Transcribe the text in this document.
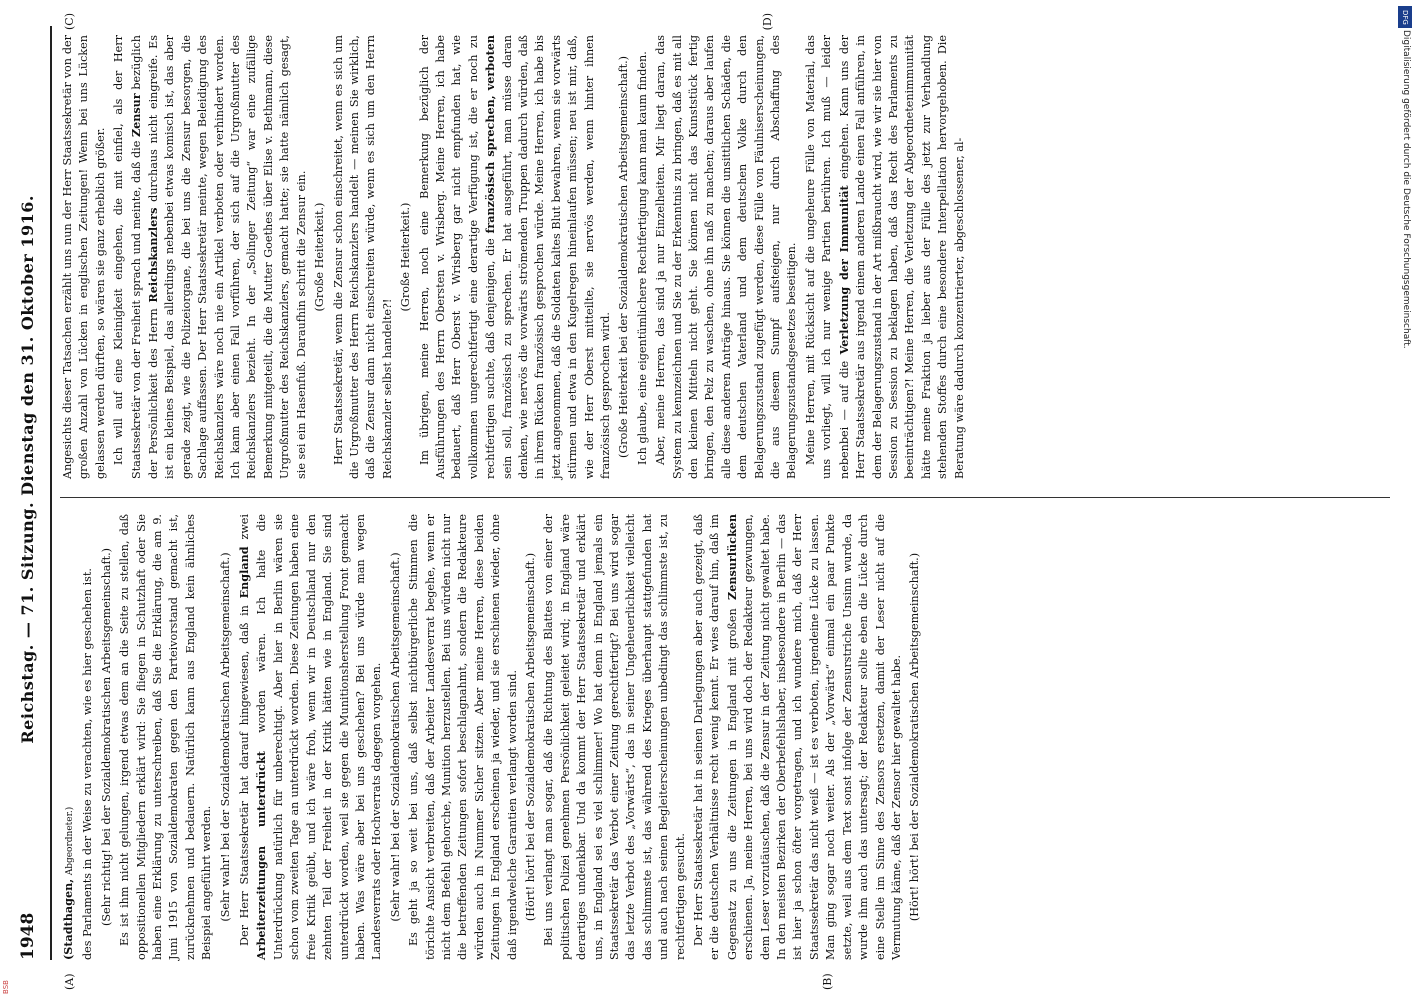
1948
Reichstag. — 71. Sitzung. Dienstag den 31. Oktober 1916.
(A)	(B)

(Stadthagen, Abgeordneter.) des Parlaments in der Weise zu verachten, wie es hier geschehen ist. (Sehr richtig! bei der Sozialdemokratischen Arbeitsgemeinschaft.) Es ist ihm nicht gelungen, irgend etwas dem an die Seite zu stellen, daß oppositionellen Mitgliedern erklärt wird: Sie fliegen in Schutzhaft oder Sie haben eine Erklärung zu unterschreiben, daß Sie die Erklärung, die am 9. Juni 1915 von Sozialdemokraten gegen den Parteivorstand gemacht ist, zurücknehmen und bedauern. Natürlich kann aus England kein ähnliches Beispiel angeführt werden. (Sehr wahr! bei der Sozialdemokratischen Arbeitsgemeinschaft.) Der Herr Staatssekretär hat darauf hingewiesen, daß in England zwei Arbeiterzeitungen unterdrückt worden wären. Ich halte die Unterdrückung natürlich für unberechtigt. Aber hier in Berlin wären sie schon vom zweiten Tage an unterdrückt worden. Diese Zeitungen haben eine freie Kritik geübt, und ich wäre froh, wenn wir in Deutschland nur den zehnten Teil der Freiheit in der Kritik hätten wie in England. Sie sind unterdrückt worden, weil sie gegen die Munitionsherstellung Front gemacht haben. Was wäre aber bei uns geschehen? Bei uns würde man wegen Landesverrats oder Hochverrats dagegen vorgehen. (Sehr wahr! bei der Sozialdemokratischen Arbeitsgemeinschaft.) Es geht ja so weit bei uns, daß selbst nichtbürgerliche Stimmen die törichte Ansicht verbreiten, daß der Arbeiter Landesverrat begehe, wenn er nicht dem Befehl gehorche, Munition herzustellen. Bei uns würden nicht nur die betreffenden Zeitungen sofort beschlagnahmt, sondern die Redakteure würden auch in Nummer Sicher sitzen. Aber meine Herren, diese beiden Zeitungen in England erscheinen ja wieder, und sie erschienen wieder, ohne daß irgendwelche Garantien verlangt worden sind. (Hört! hört! bei der Sozialdemokratischen Arbeitsgemeinschaft.) Bei uns verlangt man sogar, daß die Richtung des Blattes von einer der politischen Polizei genehmen Persönlichkeit geleitet wird; in England wäre derartiges undenkbar. Und da kommt der Herr Staatssekretär und erklärt uns, in England sei es viel schlimmer! Wo hat denn in England jemals ein Staatssekretär das Verbot einer Zeitung gerechtfertigt? Bei uns wird sogar das letzte Verbot des „Vorwärts“, das in seiner Ungeheuerlichkeit vielleicht das schlimmste ist, das während des Krieges überhaupt stattgefunden hat und auch nach seinen Begleiterscheinungen unbedingt das schlimmste ist, zu rechtfertigen gesucht. Der Herr Staatssekretär hat in seinen Darlegungen aber auch gezeigt, daß er die deutschen Verhältnisse recht wenig kennt. Er wies darauf hin, daß im Gegensatz zu uns die Zeitungen in England mit großen Zensurlücken erschienen. Ja, meine Herren, bei uns wird doch der Redakteur gezwungen, dem Leser vorzutäuschen, daß die Zensur in der Zeitung nicht gewaltet habe. In den meisten Bezirken der Oberbefehlshaber, insbesondere in Berlin — das ist hier ja schon öfter vorgetragen, und ich wundere mich, daß der Herr Staatssekretär das nicht weiß — ist es verboten, irgendeine Lücke zu lassen. Man ging sogar noch weiter. Als der „Vorwärts“ einmal ein paar Punkte setzte, weil aus dem Text sonst infolge der Zensurstriche Unsinn wurde, da wurde ihm auch das untersagt; der Redakteur sollte eben die Lücke durch eine Stelle im Sinne des Zensors ersetzen, damit der Leser nicht auf die Vermutung käme, daß der Zensor hier gewaltet habe. (Hört! hört! bei der Sozialdemokratischen Arbeitsgemeinschaft.)

(C)	(D)

Angesichts dieser Tatsachen erzählt uns nun der Herr Staatssekretär von der großen Anzahl von Lücken in englischen Zeitungen! Wenn bei uns Lücken gelassen werden dürften, so wären sie ganz erheblich größer. Ich will auf eine Kleinigkeit eingehen, die mit einfiel, als der Herr Staatssekretär von der Freiheit sprach und meinte, daß die Zensur bezüglich der Persönlichkeit des Herrn Reichskanzlers durchaus nicht eingreife. Es ist ein kleines Beispiel, das allerdings nebenbei etwas komisch ist, das aber gerade zeigt, wie die Polizeiorgane, die bei uns die Zensur besorgen, die Sachlage auffassen. Der Herr Staatssekretär meinte, wegen Beleidigung des Reichskanzlers wäre noch nie ein Artikel verboten oder verhindert worden. Ich kann aber einen Fall vorführen, der sich auf die Urgroßmutter des Reichskanzlers bezieht. In der „Solinger Zeitung“ war eine zufällige Bemerkung mitgeteilt, die die Mutter Goethes über Elise v. Bethmann, diese Urgroßmutter des Reichskanzlers, gemacht hatte; sie hatte nämlich gesagt, sie sei ein Hasenfuß. Daraufhin schritt die Zensur ein. (Große Heiterkeit.) Herr Staatssekretär, wenn die Zensur schon einschreitet, wenn es sich um die Urgroßmutter des Herrn Reichskanzlers handelt — meinen Sie wirklich, daß die Zensur dann nicht einschreiten würde, wenn es sich um den Herrn Reichskanzler selbst handelte?!

(Große Heiterkeit.) Im übrigen, meine Herren, noch eine Bemerkung bezüglich der Ausführungen des Herrn Obersten v. Wrisberg. Meine Herren, ich habe bedauert, daß Herr Oberst v. Wrisberg gar nicht empfunden hat, wie vollkommen ungerechtfertigt eine derartige Verfügung ist, die er noch zu rechtfertigen suchte, daß denjenigen, die französisch sprechen, verboten sein soll, französisch zu sprechen. Er hat ausgeführt, man müsse daran denken, wie nervös die vorwärts strömenden Truppen dadurch würden, daß in ihrem Rücken französisch gesprochen würde. Meine Herren, ich habe bis jetzt angenommen, daß die Soldaten kaltes Blut bewahren, wenn sie vorwärts stürmen und etwa in den Kugelregen hineinlaufen müssen; neu ist mir, daß, wie der Herr Oberst mitteilte, sie nervös werden, wenn hinter ihnen französisch gesprochen wird. (Große Heiterkeit bei der Sozialdemokratischen Arbeitsgemeinschaft.) Ich glaube, eine eigentümlichere Rechtfertigung kann man kaum finden. Aber, meine Herren, das sind ja nur Einzelheiten. Mir liegt daran, das System zu kennzeichnen und Sie zu der Erkenntnis zu bringen, daß es mit all den kleinen Mitteln nicht geht. Sie können nicht das Kunststück fertig bringen, den Pelz zu waschen, ohne ihn naß zu machen; daraus aber laufen alle diese anderen Anträge hinaus. Sie können die unsittlichen Schäden, die dem deutschen Vaterland und dem deutschen Volke durch den Belagerungszustand zugefügt werden, diese Fülle von Fäulniserscheinungen, die aus diesem Sumpf aufsteigen, nur durch Abschaffung des Belagerungszustandsgesetzes beseitigen. Meine Herren, mit Rücksicht auf die ungeheure Fülle von Material, das uns vorliegt, will ich nur wenige Partien berühren. Ich muß — leider nebenbei — auf die Verletzung der Immunität eingehen. Kann uns der Herr Staatssekretär aus irgend einem anderen Lande einen Fall anführen, in dem der Belagerungszustand in der Art mißbraucht wird, wie wir sie hier von Session zu Session zu beklagen haben, daß das Recht des Parlaments zu beeinträchtigen?! Meine Herren, die Verletzung der Abgeordnetenimmunität hätte meine Fraktion ja lieber aus der Fülle des jetzt zur Verhandlung stehenden Stoffes durch eine besondere Interpellation hervorgehoben. Die Beratung wäre dadurch konzentrierter, abgeschlossener, al-

DFG
Digitalisierung gefördert durch die Deutsche Forschungsgemeinschaft.
BSB
